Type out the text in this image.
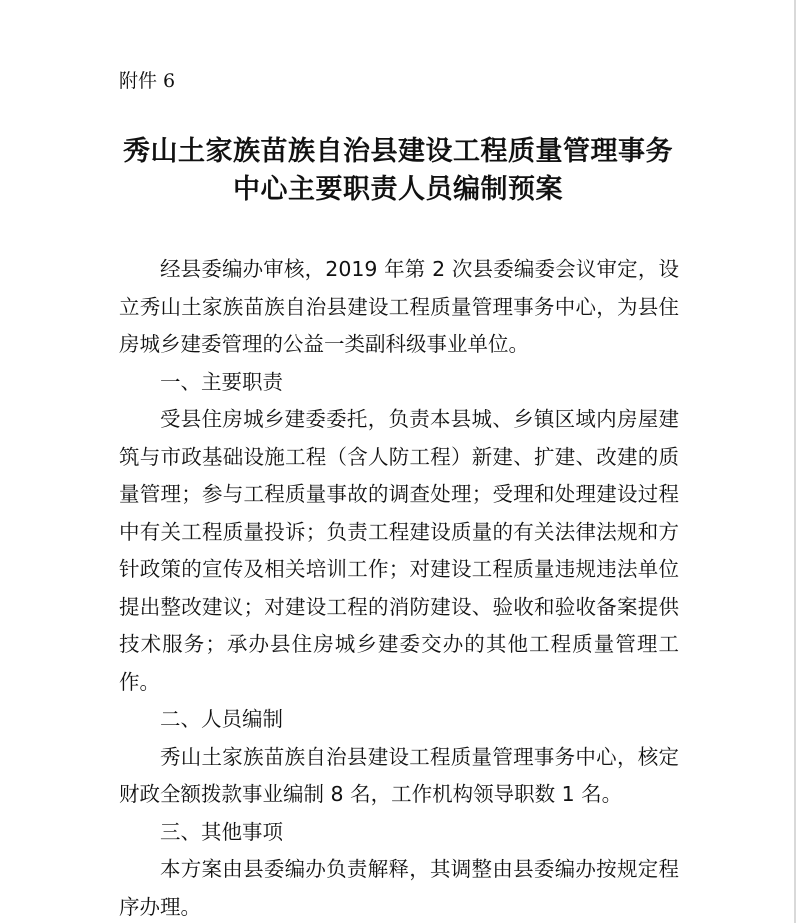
附件 6
秀山土家族苗族自治县建设工程质量管理事务
中心主要职责人员编制预案

经县委编办审核，2019 年第 2 次县委编委会议审定，设立秀山土家族苗族自治县建设工程质量管理事务中心，为县住房城乡建委管理的公益一类副科级事业单位。

一、主要职责

受县住房城乡建委委托，负责本县城、乡镇区域内房屋建筑与市政基础设施工程（含人防工程）新建、扩建、改建的质量管理；参与工程质量事故的调查处理；受理和处理建设过程中有关工程质量投诉；负责工程建设质量的有关法律法规和方针政策的宣传及相关培训工作；对建设工程质量违规违法单位提出整改建议；对建设工程的消防建设、验收和验收备案提供技术服务；承办县住房城乡建委交办的其他工程质量管理工作。

二、人员编制

秀山土家族苗族自治县建设工程质量管理事务中心，核定财政全额拨款事业编制 8 名，工作机构领导职数 1 名。

三、其他事项

本方案由县委编办负责解释，其调整由县委编办按规定程序办理。
